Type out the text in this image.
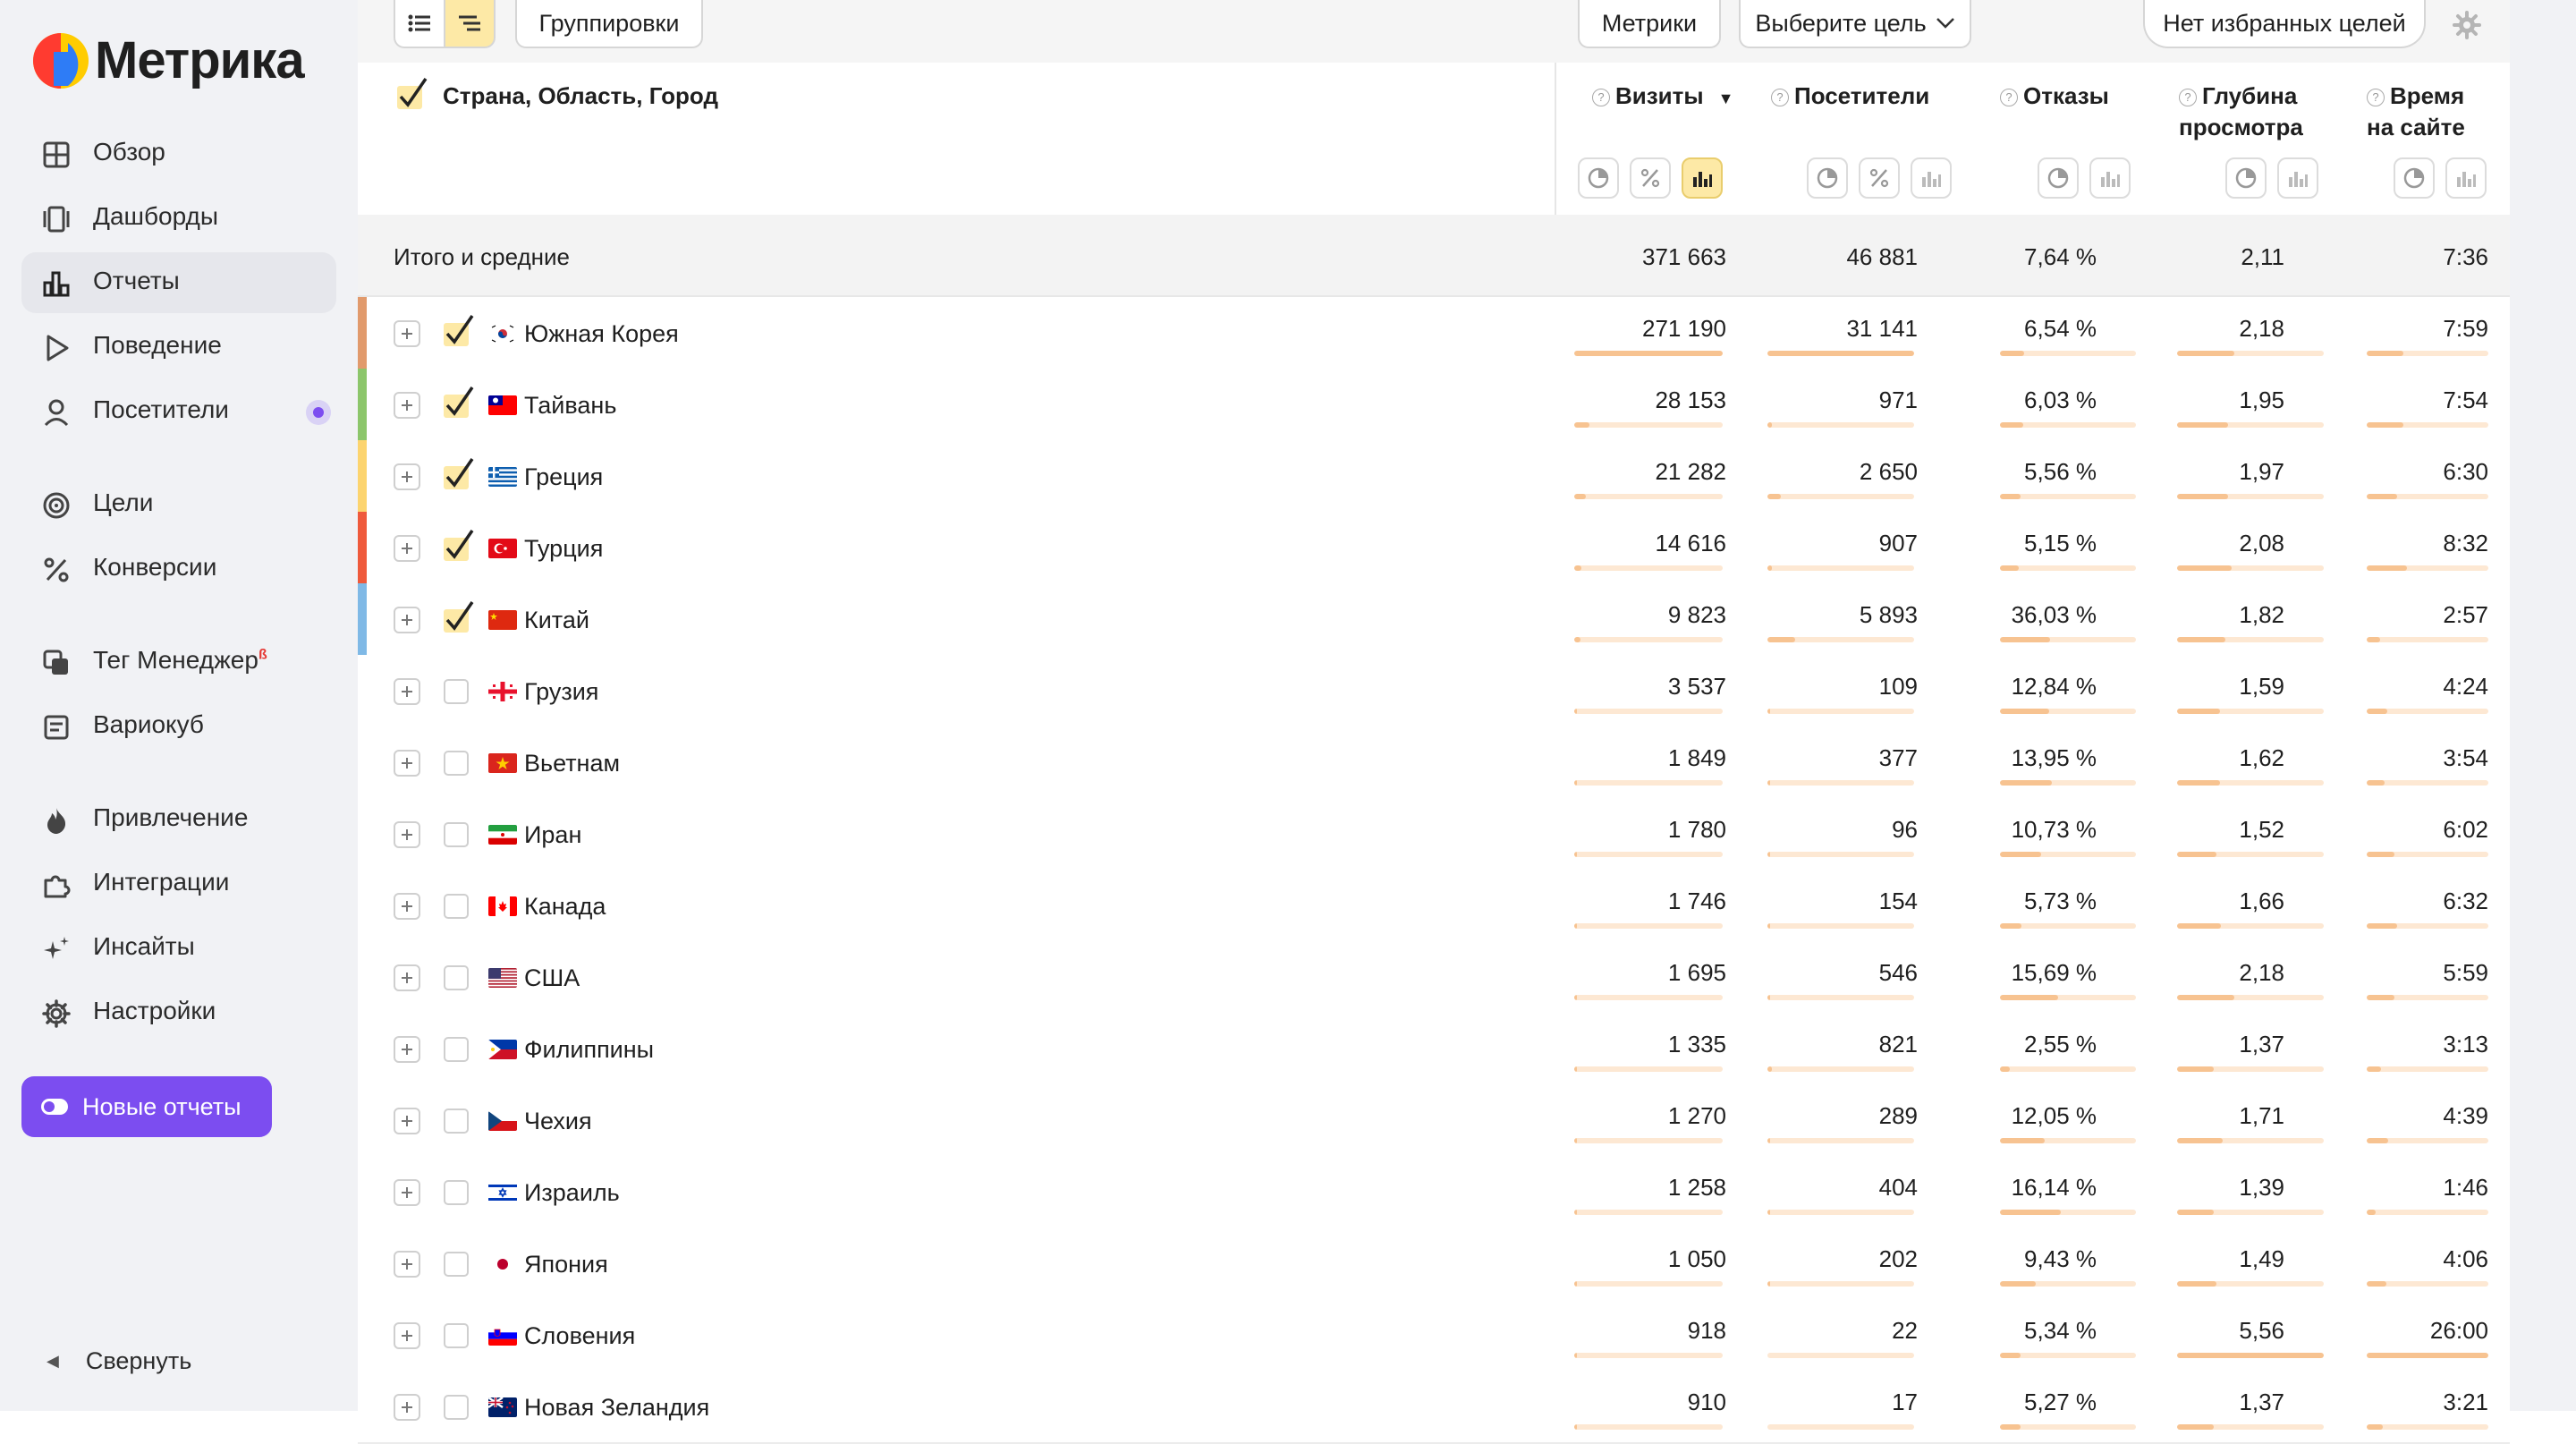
Метрика
Обзор
Дашборды
Отчеты
Поведение
Посетители
Цели
Конверсии
Тег Менеджер$^ß$
Вариокуб
Привлечение
Интеграции
Инсайты
Настройки
Новые отчеты
◀ Свернуть
Группировки	Метрики Выберите цель	Нет избранных целей
Страна, Область, Город	? Визиты ▼	? Посетители	? Отказы	? Глубина
просмотра
? Время
на сайте
Итого и средние	371 663	46 881	7,64 %	2,11	7:36
Южная Корея	271 190	31 141	6,54 %	2,18	7:59
Тайвань	28 153	971	6,03 %	1,95	7:54
Греция	21 282	2 650	5,56 %	1,97	6:30
Турция	14 616	907	5,15 %	2,08	8:32
Китай	9 823	5 893	36,03 %	1,82	2:57
Грузия	3 537	109	12,84 %	1,59	4:24
Вьетнам	1 849	377	13,95 %	1,62	3:54
Иран	1 780	96	10,73 %	1,52	6:02
Канада	1 746	154	5,73 %	1,66	6:32
США	1 695	546	15,69 %	2,18	5:59
Филиппины	1 335	821	2,55 %	1,37	3:13
Чехия	1 270	289	12,05 %	1,71	4:39
Израиль	1 258	404	16,14 %	1,39	1:46
Япония	1 050	202	9,43 %	1,49	4:06
Словения	918	22	5,34 %	5,56	26:00
Новая Зеландия	910	17	5,27 %	1,37	3:21
